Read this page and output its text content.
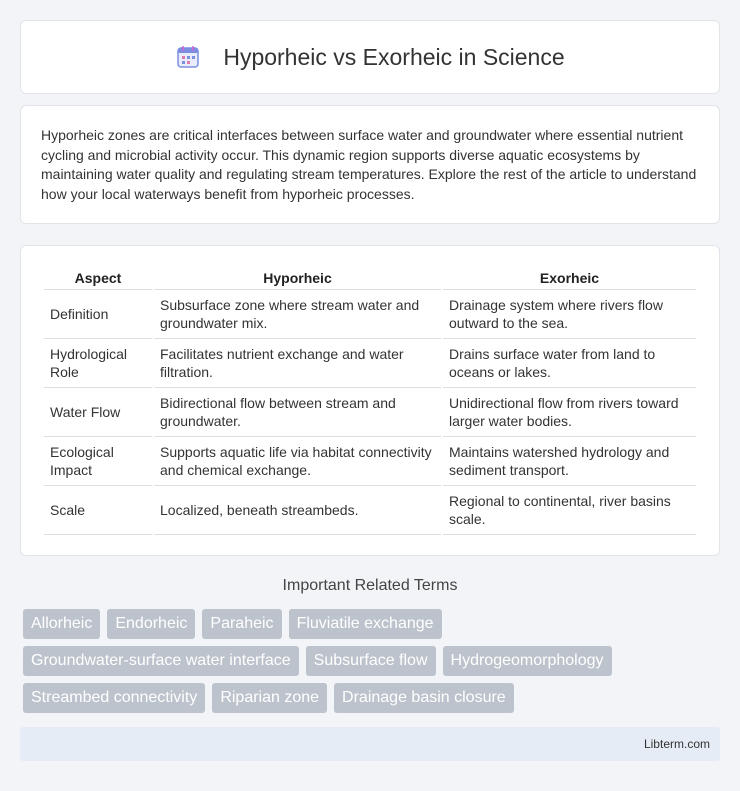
Hyporheic vs Exorheic in Science

Hyporheic zones are critical interfaces between surface water and groundwater where essential nutrient cycling and microbial activity occur. This dynamic region supports diverse aquatic ecosystems by maintaining water quality and regulating stream temperatures. Explore the rest of the article to understand how your local waterways benefit from hyporheic processes.

Aspect	Hyporheic	Exorheic
Definition	Subsurface zone where stream water and groundwater mix.	Drainage system where rivers flow outward to the sea.
Hydrological Role	Facilitates nutrient exchange and water filtration.	Drains surface water from land to oceans or lakes.
Water Flow	Bidirectional flow between stream and groundwater.	Unidirectional flow from rivers toward larger water bodies.
Ecological Impact	Supports aquatic life via habitat connectivity and chemical exchange.	Maintains watershed hydrology and sediment transport.
Scale	Localized, beneath streambeds.	Regional to continental, river basins scale.
Important Related Terms
Allorheic	Endorheic	Paraheic	Fluviatile exchange
Groundwater-surface water interface	Subsurface flow	Hydrogeomorphology
Streambed connectivity	Riparian zone	Drainage basin closure
Libterm.com
